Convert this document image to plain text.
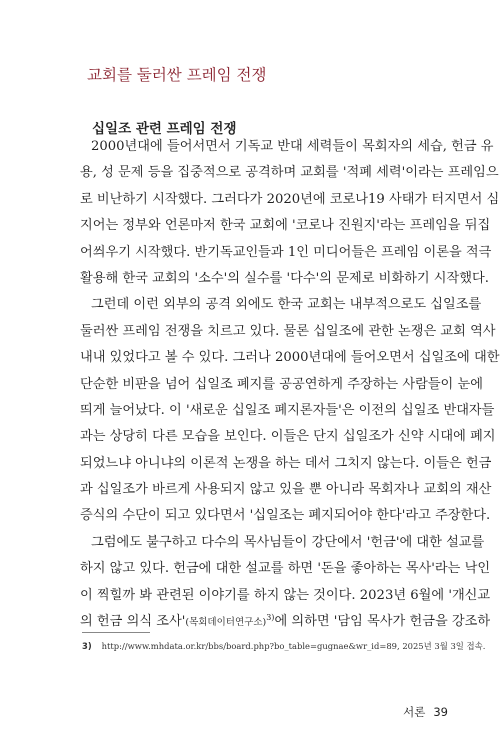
교회를 둘러싼 프레임 전쟁
십일조 관련 프레임 전쟁
2000년대에 들어서면서 기독교 반대 세력들이 목회자의 세습, 헌금 유
용, 성 문제 등을 집중적으로 공격하며 교회를 '적폐 세력'이라는 프레임으
로 비난하기 시작했다. 그러다가 2020년에 코로나19 사태가 터지면서 심
지어는 정부와 언론마저 한국 교회에 '코로나 진원지'라는 프레임을 뒤집
어씌우기 시작했다. 반기독교인들과 1인 미디어들은 프레임 이론을 적극
활용해 한국 교회의 '소수'의 실수를 '다수'의 문제로 비화하기 시작했다.
그런데 이런 외부의 공격 외에도 한국 교회는 내부적으로도 십일조를
둘러싼 프레임 전쟁을 치르고 있다. 물론 십일조에 관한 논쟁은 교회 역사
내내 있었다고 볼 수 있다. 그러나 2000년대에 들어오면서 십일조에 대한
단순한 비판을 넘어 십일조 폐지를 공공연하게 주장하는 사람들이 눈에
띄게 늘어났다. 이 '새로운 십일조 폐지론자들'은 이전의 십일조 반대자들
과는 상당히 다른 모습을 보인다. 이들은 단지 십일조가 신약 시대에 폐지
되었느냐 아니냐의 이론적 논쟁을 하는 데서 그치지 않는다. 이들은 헌금
과 십일조가 바르게 사용되지 않고 있을 뿐 아니라 목회자나 교회의 재산
증식의 수단이 되고 있다면서 '십일조는 폐지되어야 한다'라고 주장한다.
그럼에도 불구하고 다수의 목사님들이 강단에서 '헌금'에 대한 설교를
하지 않고 있다. 헌금에 대한 설교를 하면 '돈을 좋아하는 목사'라는 낙인
이 찍힐까 봐 관련된 이야기를 하지 않는 것이다. 2023년 6월에 '개신교
의 헌금 의식 조사'(목회데이터연구소)$^{3)}$에 의하면 '담임 목사가 헌금을 강조하
3) http://www.mhdata.or.kr/bbs/board.php?bo_table=gugnae&wr_id=89, 2025년 3월 3일 접속.
서론 39
